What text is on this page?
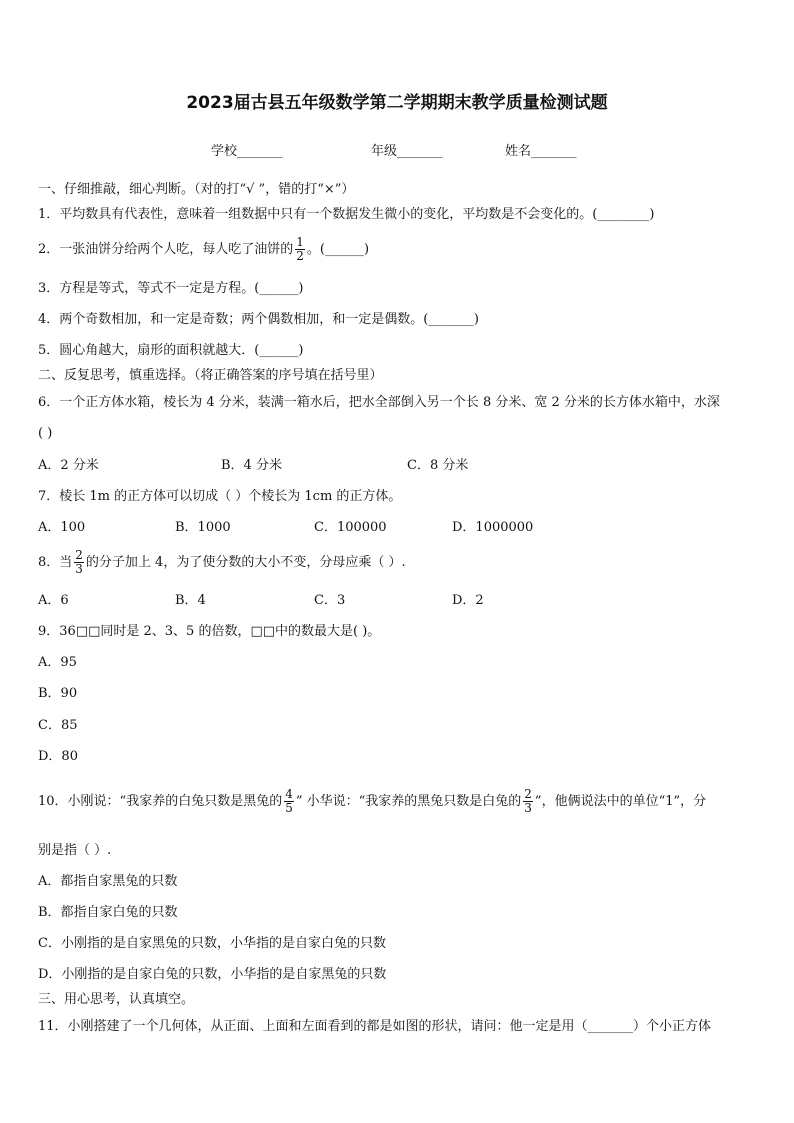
2023届古县五年级数学第二学期期末教学质量检测试题
学校_______	年级_______	姓名_______
一、仔细推敲，细心判断。（对的打“√ ”，错的打“×”）
1．平均数具有代表性，意味着一组数据中只有一个数据发生微小的变化，平均数是不会变化的。(________)
2．一张油饼分给两个人吃，每人吃了油饼的 $\frac{1}{2}$ 。(______)
3．方程是等式，等式不一定是方程。(______)
4．两个奇数相加，和一定是奇数；两个偶数相加，和一定是偶数。(_______)
5．圆心角越大，扇形的面积就越大．(______)
二、反复思考，慎重选择。（将正确答案的序号填在括号里）
6．一个正方体水箱，棱长为 4 分米，装满一箱水后，把水全部倒入另一个长 8 分米、宽 2 分米的长方体水箱中，水深
( )
A．2 分米	B．4 分米	C．8 分米
7．棱长 1m 的正方体可以切成（ ）个棱长为 1cm 的正方体。
A．100	B．1000	C．100000	D．1000000
8．当 $\frac{2}{3}$ 的分子加上 4，为了使分数的大小不变，分母应乘（ ）.
A．6	B．4	C．3	D．2
9．36□□同时是 2、3、5 的倍数，□□中的数最大是( )。
A．95
B．90
C．85
D．80
10．小刚说：“我家养的白兔只数是黑兔的 $\frac{4}{5}$ ” 小华说：“我家养的黑兔只数是白兔的 $\frac{2}{3}$ ”，他俩说法中的单位“1”，分
别是指（ ）.
A．都指自家黑兔的只数
B．都指自家白兔的只数
C．小刚指的是自家黑兔的只数，小华指的是自家白兔的只数
D．小刚指的是自家白兔的只数，小华指的是自家黑兔的只数
三、用心思考，认真填空。
11．小刚搭建了一个几何体，从正面、上面和左面看到的都是如图的形状，请问：他一定是用（_______）个小正方体
